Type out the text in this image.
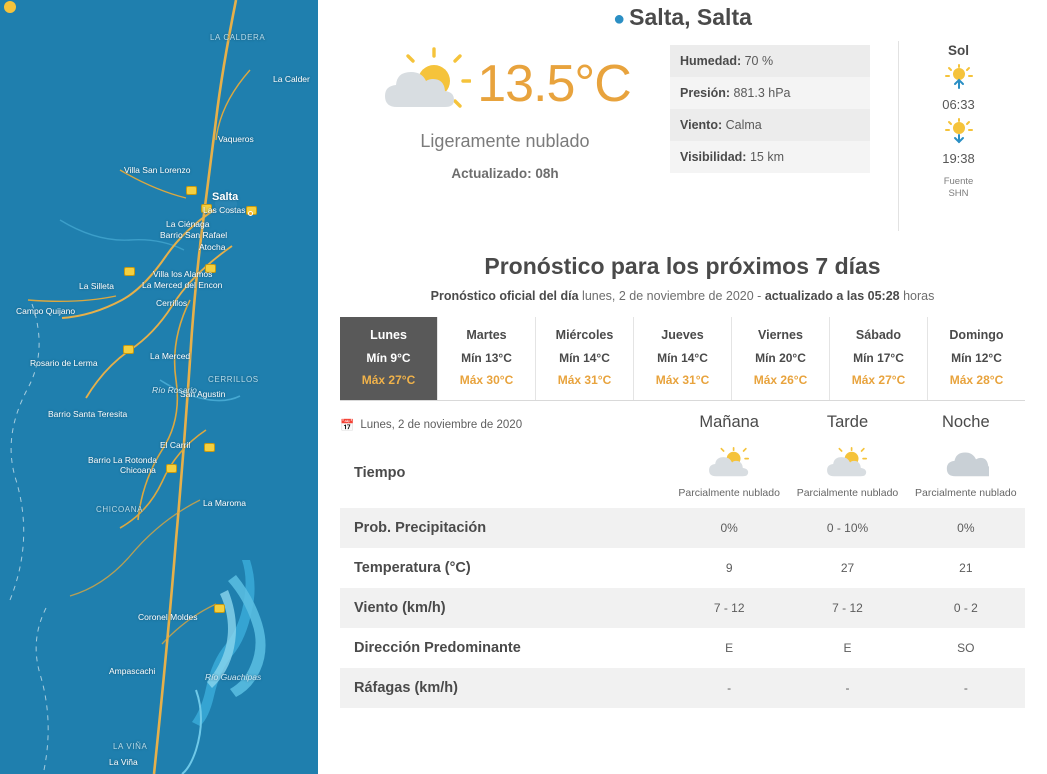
LA CALDERA
La Calder
Vaqueros
Villa San Lorenzo
Salta
Las Costas
La Ciénaga
Barrio San Rafael
Atocha
La Silleta
Villa los Alamos
La Merced del Encon
Cerrillos
Campo Quijano
La Merced
Rosario de Lerma
CERRILLOS
San Agustin
Río Rosario
Barrio Santa Teresita
El Carril
Barrio La Rotonda
Chicoana
CHICOANA
La Maroma
Coronel Moldes
Ampascachi
Río Guachipas
LA VIÑA
La Viña
●︎ Salta, Salta
13.5°C
Ligeramente nublado
Actualizado: 08h
Humedad: 70 %
Presión: 881.3 hPa
Viento: Calma
Visibilidad: 15 km
Sol
06:33
19:38
Fuente
SHN
Pronóstico para los próximos 7 días
Pronóstico oficial del día lunes, 2 de noviembre de 2020 - actualizado a las 05:28 horas
Lunes
Mín 9°C
Máx 27°C
Martes
Mín 13°C
Máx 30°C
Miércoles
Mín 14°C
Máx 31°C
Jueves
Mín 14°C
Máx 31°C
Viernes
Mín 20°C
Máx 26°C
Sábado
Mín 17°C
Máx 27°C
Domingo
Mín 12°C
Máx 28°C
📅 Lunes, 2 de noviembre de 2020	Mañana	Tarde	Noche
Tiempo	Parcialmente nublado	Parcialmente nublado	Parcialmente nublado

Prob. Precipitación	0%	0 - 10%	0%
Temperatura (°C)	9	27	21
Viento (km/h)	7 - 12	7 - 12	0 - 2
Dirección Predominante	E	E	SO
Ráfagas (km/h)	-	-	-
